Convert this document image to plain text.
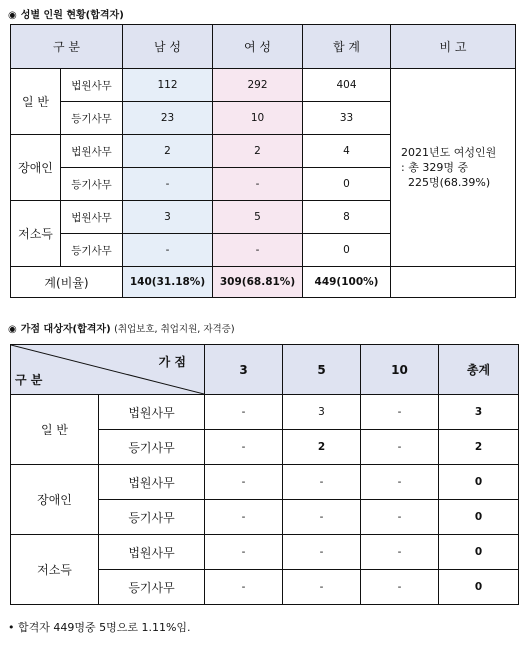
◉ 성별 인원 현황(합격자)
구 분		남 성	여 성	합 계	비 고
일 반	법원사무	112	292	404	2021년도 여성인원
: 총 329명 중
225명(68.39%)

	등기사무	23	10	33	
장애인	법원사무	2	2	4	
	등기사무	-	-	0	
저소득	법원사무	3	5	8	
	등기사무	-	-	0	
계(비율)		140(31.18%)	309(68.81%)	449(100%)	
◉ 가점 대상자(합격자) (취업보호, 취업지원, 자격증)
가 점
구 분		3	5	10	총계
일 반	법원사무	-	3	-	3
	등기사무	-	2	-	2
장애인	법원사무	-	-	-	0
	등기사무	-	-	-	0
저소득	법원사무	-	-	-	0
	등기사무	-	-	-	0
• 합격자 449명중 5명으로 1.11%임.
